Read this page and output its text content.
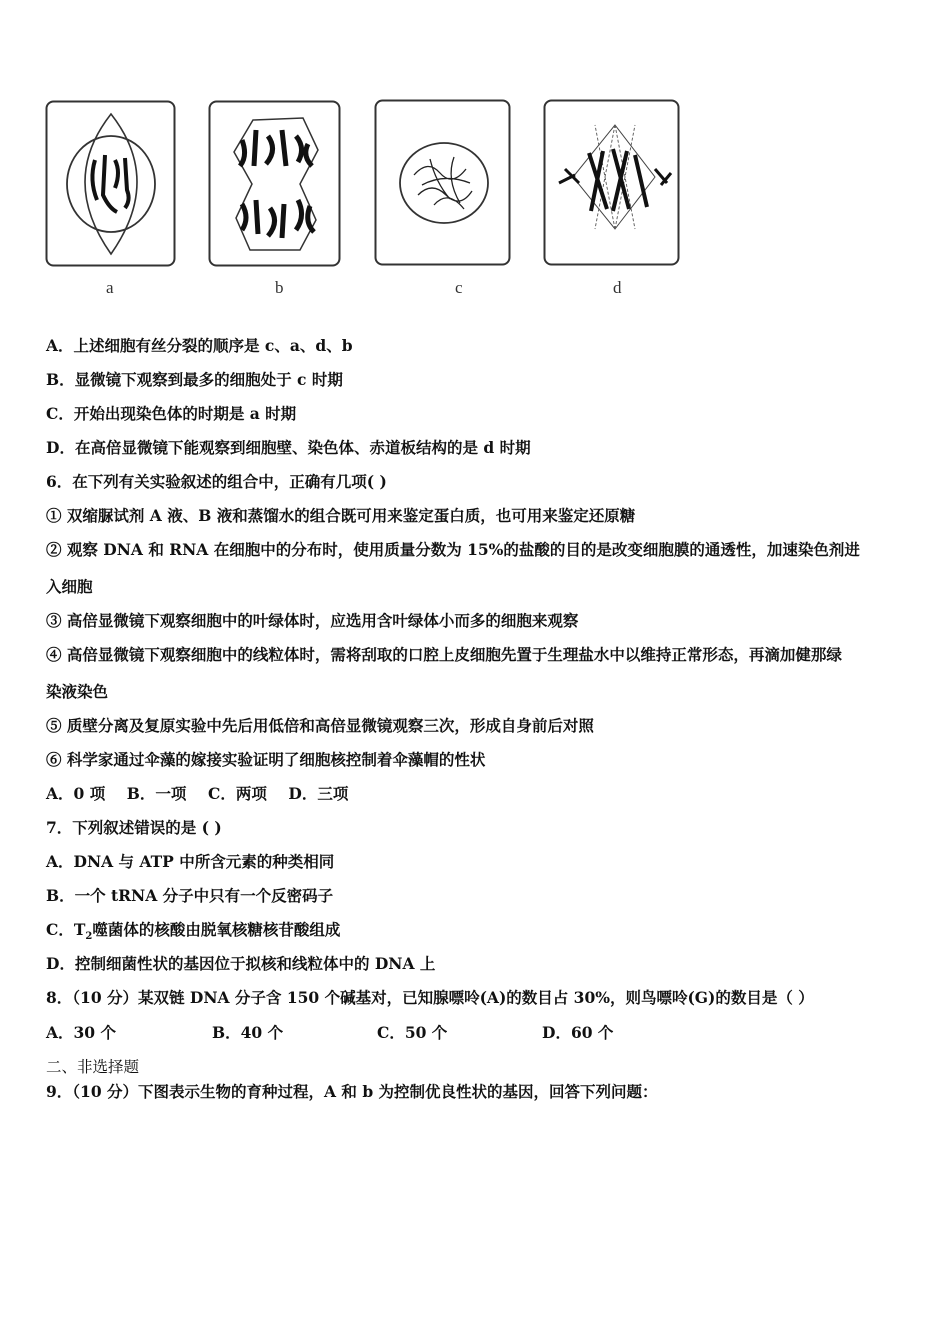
a	b	c	d
A．上述细胞有丝分裂的顺序是 c、a、d、b
B．显微镜下观察到最多的细胞处于 c 时期
C．开始出现染色体的时期是 a 时期
D．在高倍显微镜下能观察到细胞壁、染色体、赤道板结构的是 d 时期
6．在下列有关实验叙述的组合中，正确有几项( )
① 双缩脲试剂 A 液、B 液和蒸馏水的组合既可用来鉴定蛋白质，也可用来鉴定还原糖
② 观察 DNA 和 RNA 在细胞中的分布时，使用质量分数为 15%的盐酸的目的是改变细胞膜的通透性，加速染色剂进
入细胞
③ 高倍显微镜下观察细胞中的叶绿体时，应选用含叶绿体小而多的细胞来观察
④ 高倍显微镜下观察细胞中的线粒体时，需将刮取的口腔上皮细胞先置于生理盐水中以维持正常形态，再滴加健那绿
染液染色
⑤ 质壁分离及复原实验中先后用低倍和高倍显微镜观察三次，形成自身前后对照
⑥ 科学家通过伞藻的嫁接实验证明了细胞核控制着伞藻帽的性状
A．0 项    B．一项    C．两项    D．三项
7．下列叙述错误的是 ( )
A．DNA 与 ATP 中所含元素的种类相同
B．一个 tRNA 分子中只有一个反密码子
C．$T_2$噬菌体的核酸由脱氧核糖核苷酸组成
D．控制细菌性状的基因位于拟核和线粒体中的 DNA 上
8．（10 分）某双链 DNA 分子含 150 个碱基对，已知腺嘌呤(A)的数目占 30%，则鸟嘌呤(G)的数目是（ ）
A．30 个	B．40 个	C．50 个	D．60 个
二、非选择题
9．（10 分）下图表示生物的育种过程，A 和 b 为控制优良性状的基因，回答下列问题：
